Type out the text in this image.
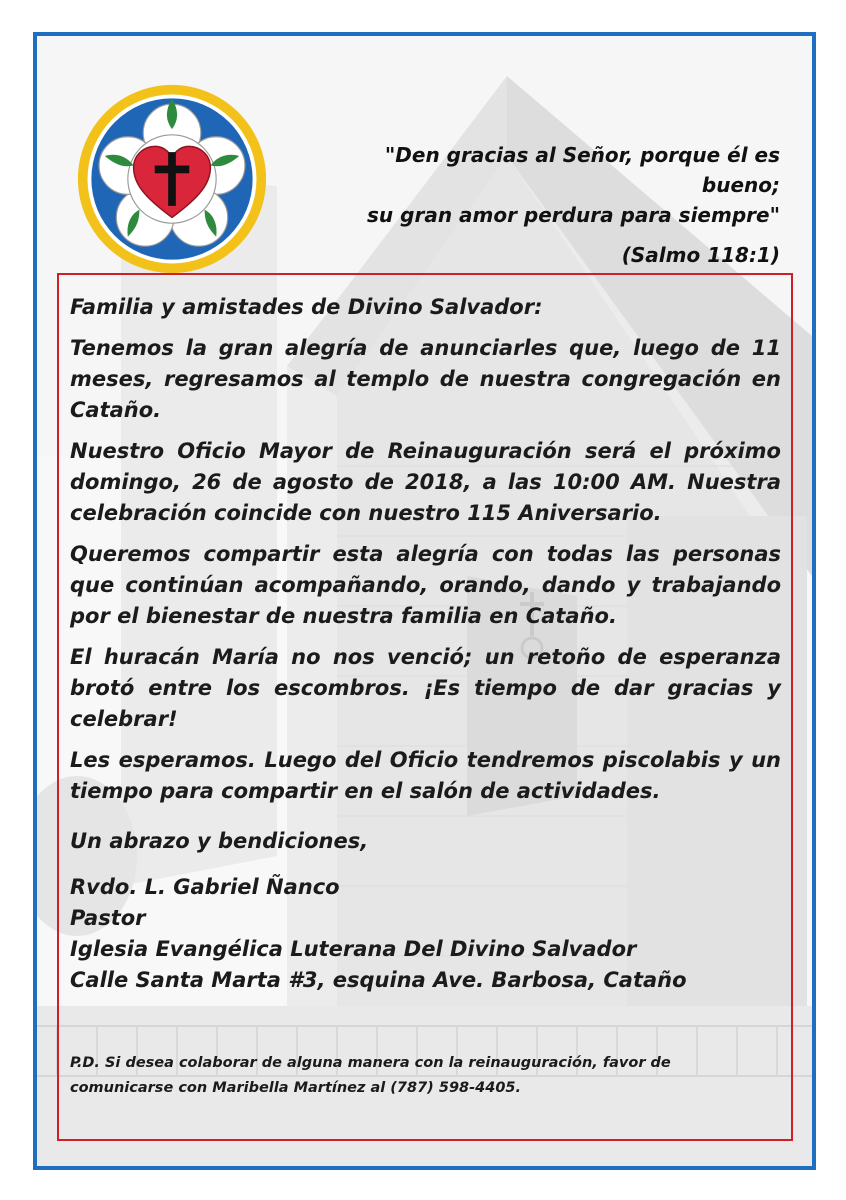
"Den gracias al Señor, porque él es bueno;
su gran amor perdura para siempre"
(Salmo 118:1)

Familia y amistades de Divino Salvador:

Tenemos la gran alegría de anunciarles que, luego de 11 meses, regresamos al templo de nuestra congregación en Cataño.

Nuestro Oficio Mayor de Reinauguración será el próximo domingo, 26 de agosto de 2018, a las 10:00 AM. Nuestra celebración coincide con nuestro 115 Aniversario.

Queremos compartir esta alegría con todas las personas que continúan acompañando, orando, dando y trabajando por el bienestar de nuestra familia en Cataño.

El huracán María no nos venció; un retoño de esperanza brotó entre los escombros. ¡Es tiempo de dar gracias y celebrar!

Les esperamos. Luego del Oficio tendremos piscolabis y un tiempo para compartir en el salón de actividades.

Un abrazo y bendiciones,
Rvdo. L. Gabriel Ñanco
Pastor
Iglesia Evangélica Luterana Del Divino Salvador
Calle Santa Marta #3, esquina Ave. Barbosa, Cataño
P.D. Si desea colaborar de alguna manera con la reinauguración, favor de
comunicarse con Maribella Martínez al (787) 598-4405.
